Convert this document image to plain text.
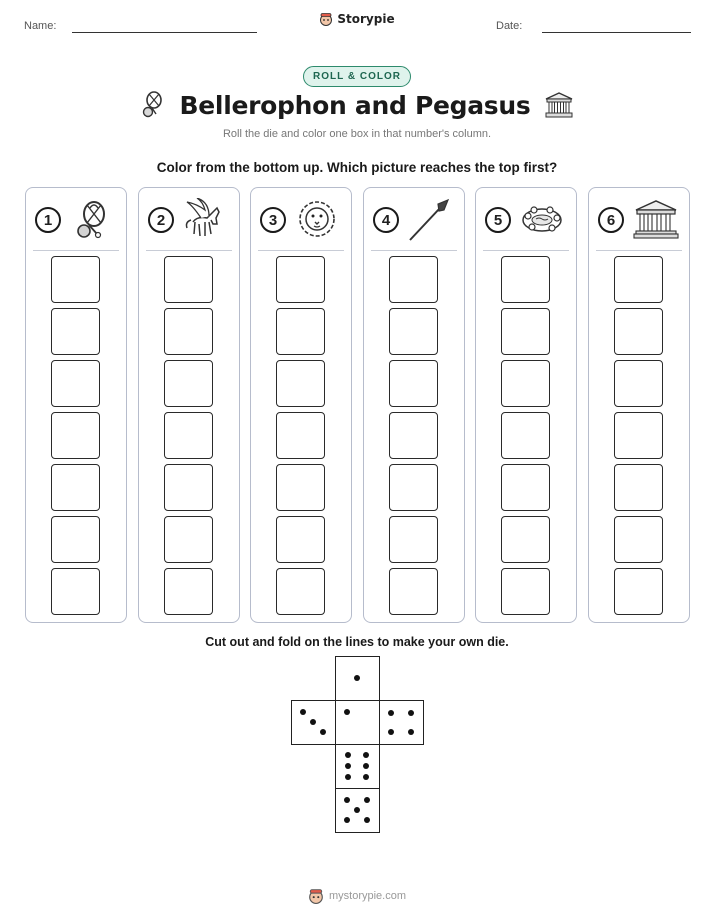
Name:	Storypie	Date:
ROLL & COLOR
Bellerophon and Pegasus
Roll the die and color one box in that number's column.
Color from the bottom up. Which picture reaches the top first?
1	2	3	4	5	6
Cut out and fold on the lines to make your own die.
mystorypie.com
